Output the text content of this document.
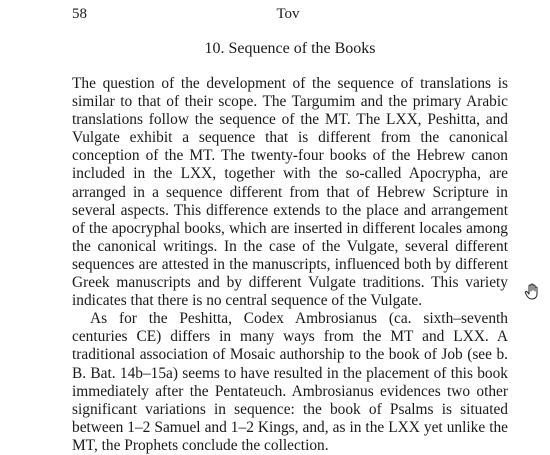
58	Tov
10. Sequence of the Books

The question of the development of the sequence of translations is similar to that of their scope. The Targumim and the primary Arabic translations follow the sequence of the MT. The LXX, Peshitta, and Vulgate exhibit a sequence that is different from the canonical conception of the MT. The twenty-four books of the Hebrew canon included in the LXX, together with the so-called Apocrypha, are arranged in a sequence different from that of Hebrew Scripture in several aspects. This difference extends to the place and arrangement of the apocryphal books, which are inserted in different locales among the canonical writings. In the case of the Vulgate, several different sequences are attested in the manuscripts, influenced both by different Greek manuscripts and by different Vulgate traditions. This variety indicates that there is no central sequence of the Vulgate.

As for the Peshitta, Codex Ambrosianus (ca. sixth–seventh centuries CE) differs in many ways from the MT and LXX. A traditional association of Mosaic authorship to the book of Job (see b. B. Bat. 14b–15a) seems to have resulted in the placement of this book immediately after the Pentateuch. Ambrosianus evidences two other significant variations in sequence: the book of Psalms is situated between 1–2 Samuel and 1–2 Kings, and, as in the LXX yet unlike the MT, the Prophets conclude the collection.
